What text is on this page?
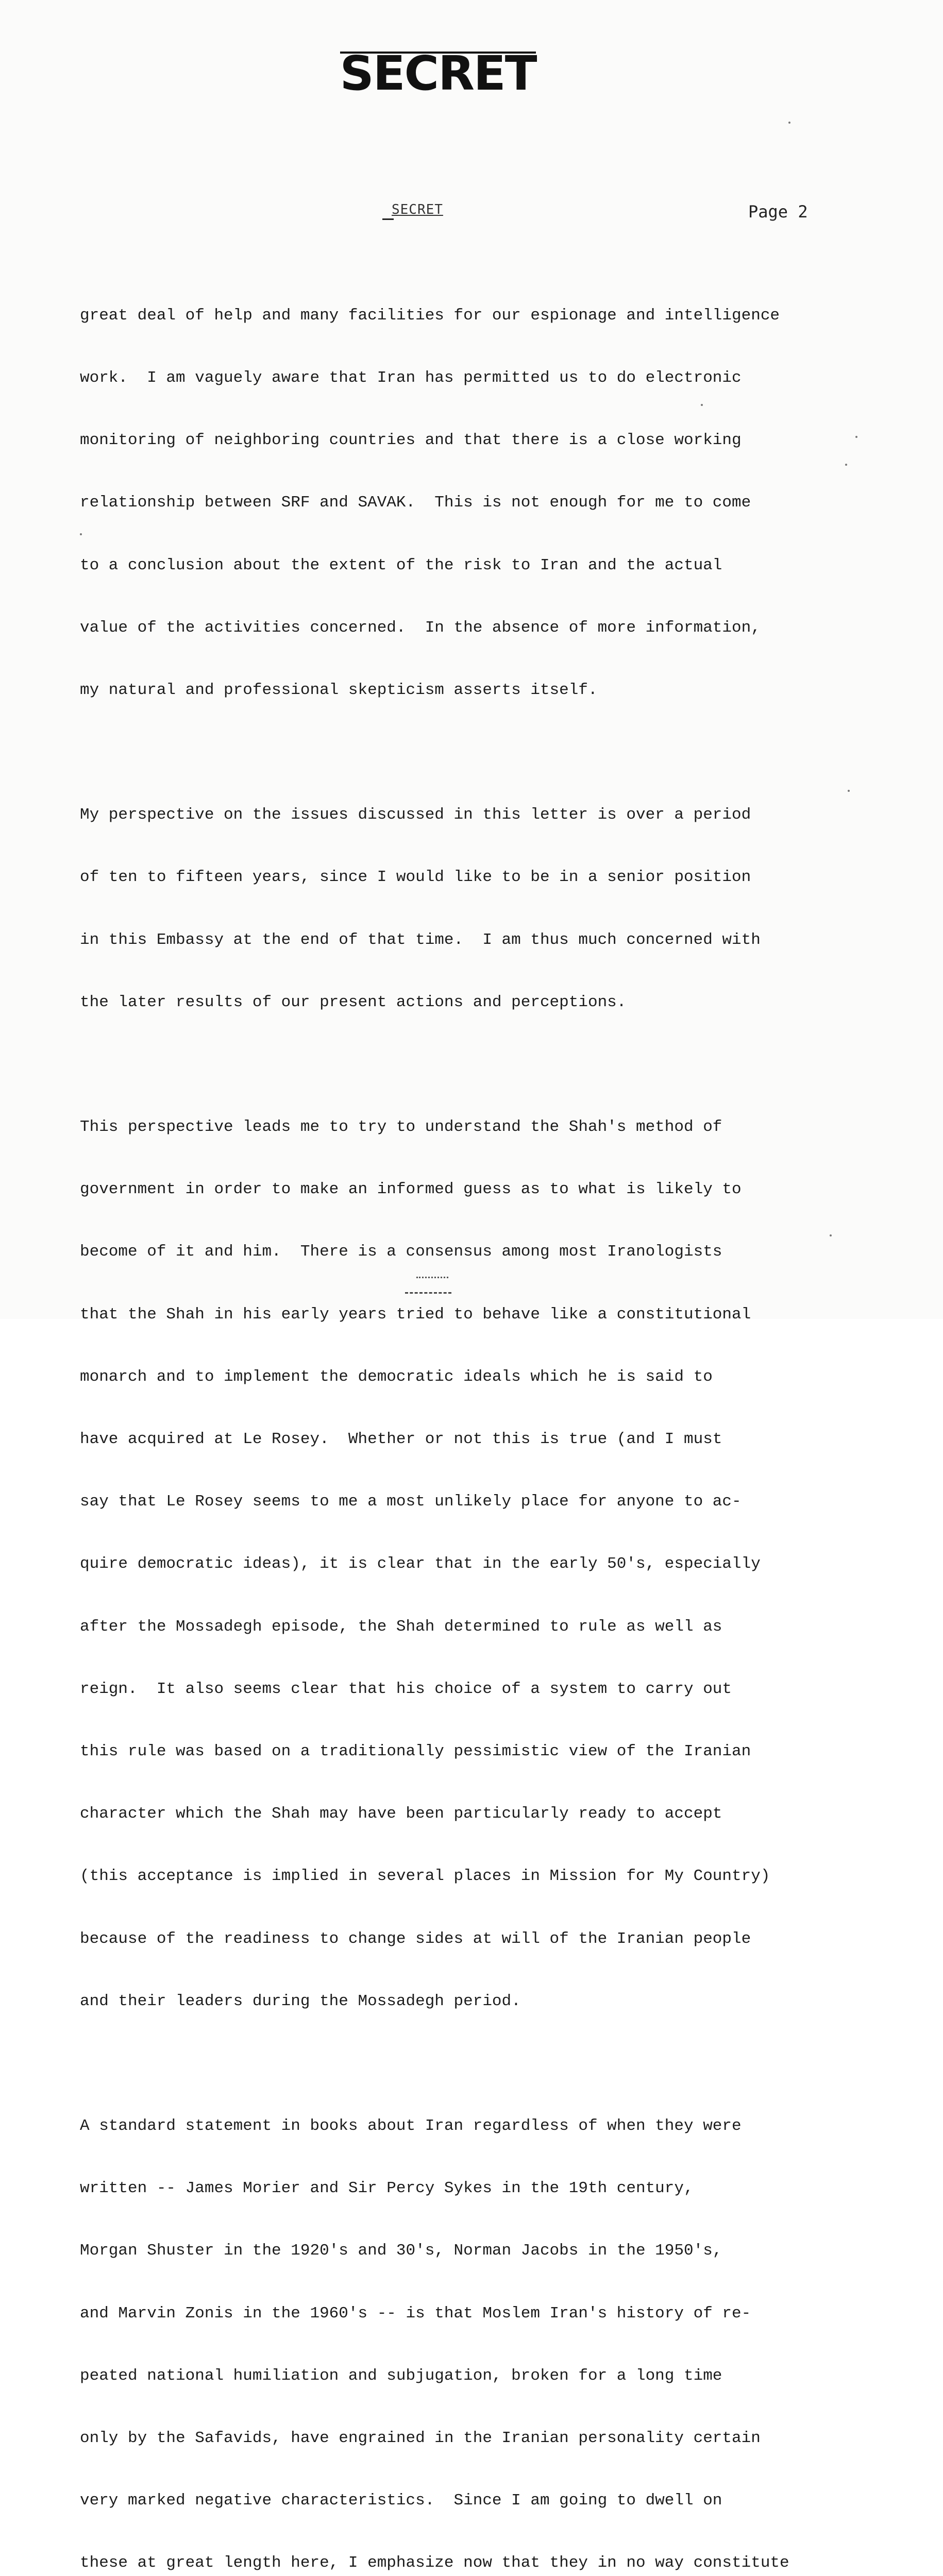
SECRET
SECRET	Page 2

great deal of help and many facilities for our espionage and intelligence

work.  I am vaguely aware that Iran has permitted us to do electronic

monitoring of neighboring countries and that there is a close working

relationship between SRF and SAVAK.  This is not enough for me to come

to a conclusion about the extent of the risk to Iran and the actual

value of the activities concerned.  In the absence of more information,

my natural and professional skepticism asserts itself.

My perspective on the issues discussed in this letter is over a period

of ten to fifteen years, since I would like to be in a senior position

in this Embassy at the end of that time.  I am thus much concerned with

the later results of our present actions and perceptions.

This perspective leads me to try to understand the Shah's method of

government in order to make an informed guess as to what is likely to

become of it and him.  There is a consensus among most Iranologists

that the Shah in his early years tried to behave like a constitutional

monarch and to implement the democratic ideals which he is said to

have acquired at Le Rosey.  Whether or not this is true (and I must

say that Le Rosey seems to me a most unlikely place for anyone to ac-

quire democratic ideas), it is clear that in the early 50's, especially

after the Mossadegh episode, the Shah determined to rule as well as

reign.  It also seems clear that his choice of a system to carry out

this rule was based on a traditionally pessimistic view of the Iranian

character which the Shah may have been particularly ready to accept

(this acceptance is implied in several places in Mission for My Country)

because of the readiness to change sides at will of the Iranian people

and their leaders during the Mossadegh period.

A standard statement in books about Iran regardless of when they were

written -- James Morier and Sir Percy Sykes in the 19th century,

Morgan Shuster in the 1920's and 30's, Norman Jacobs in the 1950's,

and Marvin Zonis in the 1960's -- is that Moslem Iran's history of re-

peated national humiliation and subjugation, broken for a long time

only by the Safavids, have engrained in the Iranian personality certain

very marked negative characteristics.  Since I am going to dwell on

these at great length here, I emphasize now that they in no way constitute
